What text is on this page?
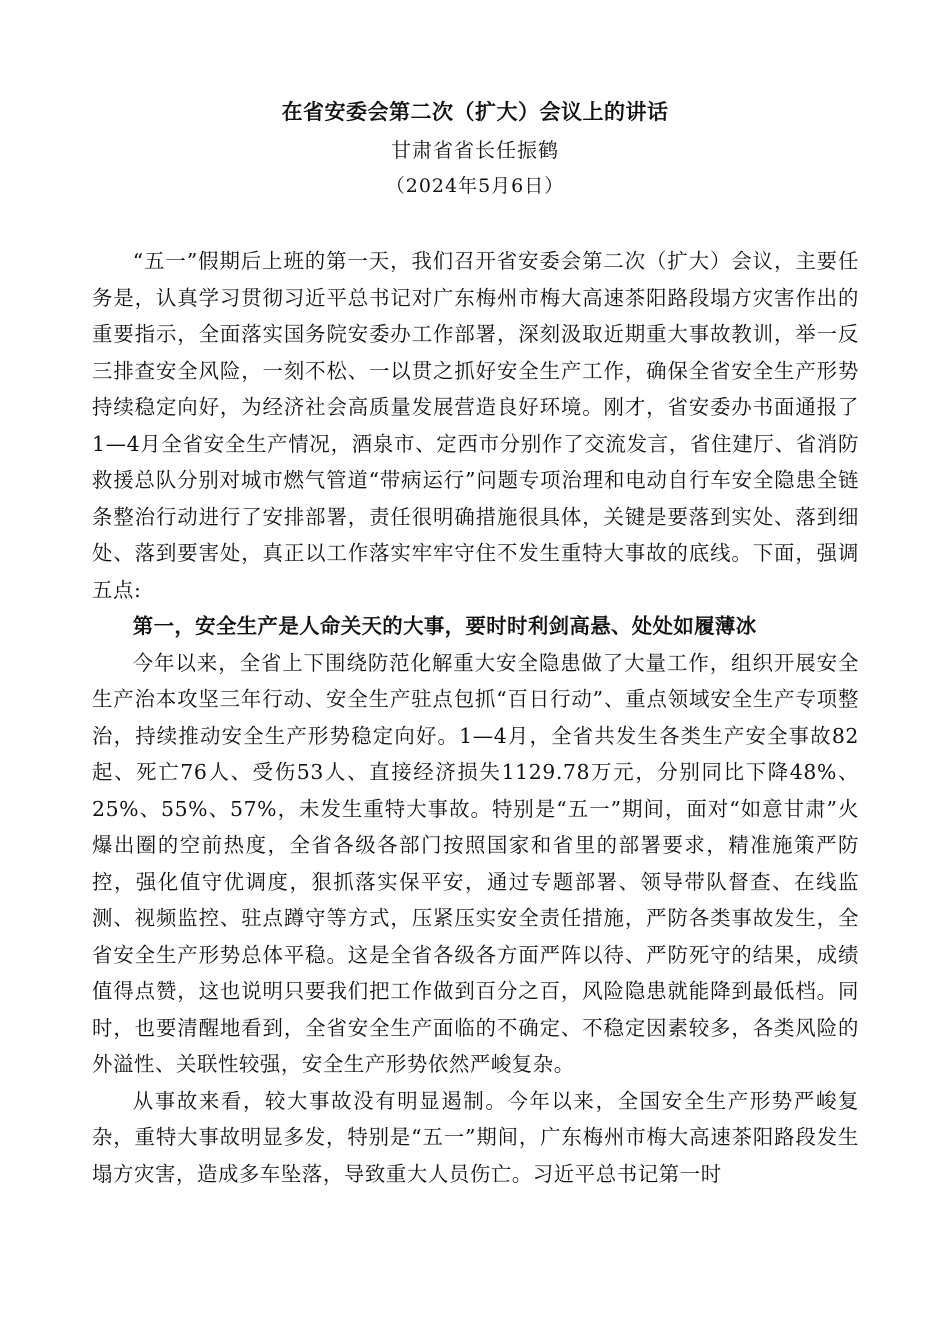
在省安委会第二次（扩大）会议上的讲话
甘肃省省长任振鹤
（2024年5月6日）

“五一”假期后上班的第一天，我们召开省安委会第二次（扩大）会议，主要任务是，认真学习贯彻习近平总书记对广东梅州市梅大高速茶阳路段塌方灾害作出的重要指示，全面落实国务院安委办工作部署，深刻汲取近期重大事故教训，举一反三排查安全风险，一刻不松、一以贯之抓好安全生产工作，确保全省安全生产形势持续稳定向好，为经济社会高质量发展营造良好环境。刚才，省安委办书面通报了1—4月全省安全生产情况，酒泉市、定西市分别作了交流发言，省住建厅、省消防救援总队分别对城市燃气管道“带病运行”问题专项治理和电动自行车安全隐患全链条整治行动进行了安排部署，责任很明确措施很具体，关键是要落到实处、落到细处、落到要害处，真正以工作落实牢牢守住不发生重特大事故的底线。下面，强调五点:

第一，安全生产是人命关天的大事，要时时利剑高悬、处处如履薄冰

今年以来，全省上下围绕防范化解重大安全隐患做了大量工作，组织开展安全生产治本攻坚三年行动、安全生产驻点包抓“百日行动”、重点领域安全生产专项整治，持续推动安全生产形势稳定向好。1—4月，全省共发生各类生产安全事故82起、死亡76人、受伤53人、直接经济损失1129.78万元，分别同比下降48%、25%、55%、57%，未发生重特大事故。特别是“五一”期间，面对“如意甘肃”火爆出圈的空前热度，全省各级各部门按照国家和省里的部署要求，精准施策严防控，强化值守优调度，狠抓落实保平安，通过专题部署、领导带队督查、在线监测、视频监控、驻点蹲守等方式，压紧压实安全责任措施，严防各类事故发生，全省安全生产形势总体平稳。这是全省各级各方面严阵以待、严防死守的结果，成绩值得点赞，这也说明只要我们把工作做到百分之百，风险隐患就能降到最低档。同时，也要清醒地看到，全省安全生产面临的不确定、不稳定因素较多，各类风险的外溢性、关联性较强，安全生产形势依然严峻复杂。

从事故来看，较大事故没有明显遏制。今年以来，全国安全生产形势严峻复杂，重特大事故明显多发，特别是“五一”期间，广东梅州市梅大高速茶阳路段发生塌方灾害，造成多车坠落，导致重大人员伤亡。习近平总书记第一时
